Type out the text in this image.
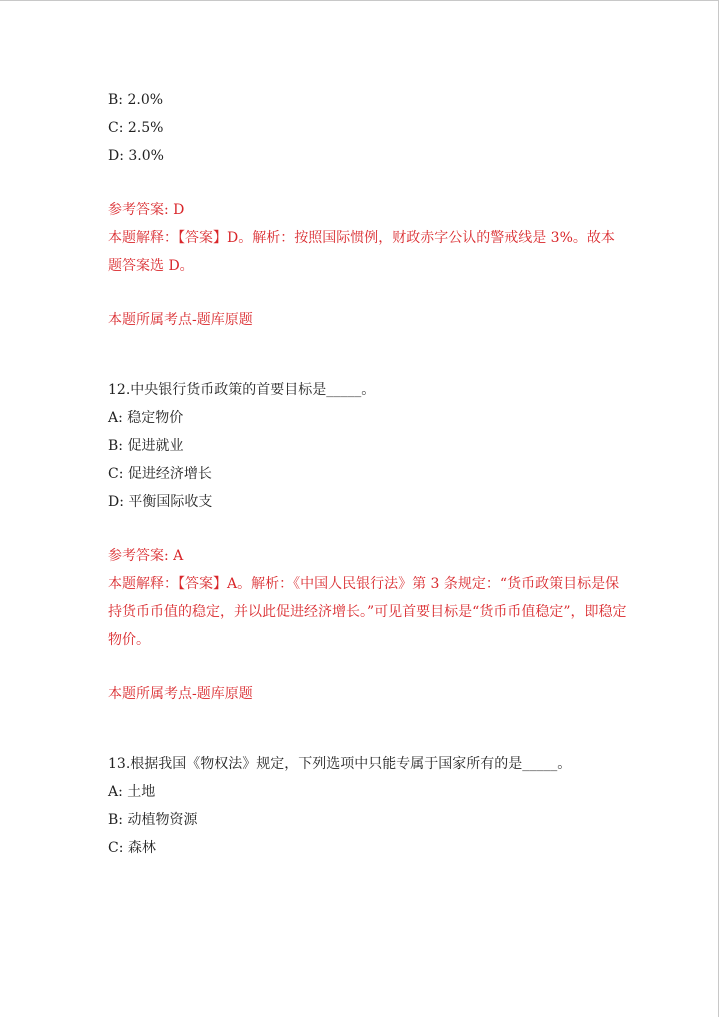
B: 2.0%
C: 2.5%
D: 3.0%
参考答案: D
本题解释：【答案】D。解析：按照国际惯例，财政赤字公认的警戒线是 3%。故本题答案选 D。
本题所属考点-题库原题
12.中央银行货币政策的首要目标是_____。
A: 稳定物价
B: 促进就业
C: 促进经济增长
D: 平衡国际收支
参考答案: A
本题解释：【答案】A。解析：《中国人民银行法》第 3 条规定：“货币政策目标是保持货币币值的稳定，并以此促进经济增长。”可见首要目标是“货币币值稳定”，即稳定物价。
本题所属考点-题库原题
13.根据我国《物权法》规定，下列选项中只能专属于国家所有的是_____。
A: 土地
B: 动植物资源
C: 森林
